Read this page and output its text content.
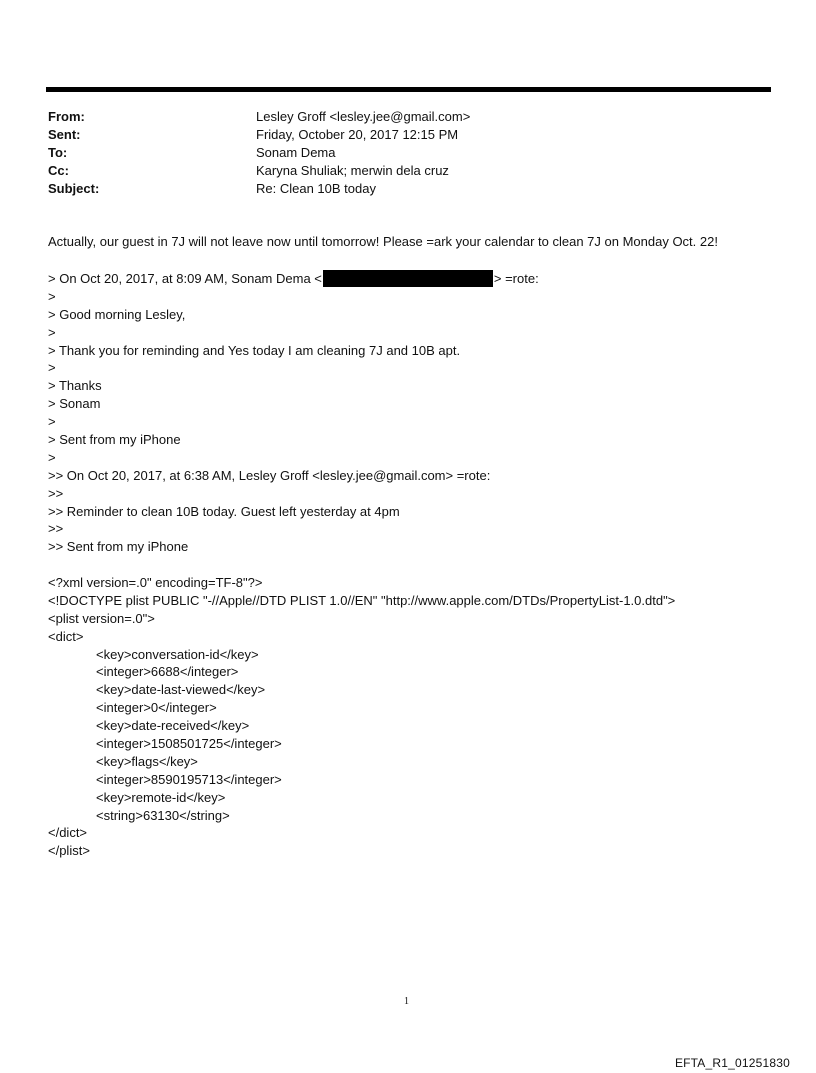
From:	Lesley Groff <lesley.jee@gmail.com>
Sent:	Friday, October 20, 2017 12:15 PM
To:	Sonam Dema
Cc:	Karyna Shuliak; merwin dela cruz
Subject:	Re: Clean 10B today
Actually, our guest in 7J will not leave now until tomorrow! Please =ark your calendar to clean 7J on Monday Oct. 22!
> On Oct 20, 2017, at 8:09 AM, Sonam Dema <	> =rote:
>
> Good morning Lesley,
>
> Thank you for reminding and Yes today I am cleaning 7J and 10B apt.
>
> Thanks
> Sonam
>
> Sent from my iPhone
>
>> On Oct 20, 2017, at 6:38 AM, Lesley Groff <lesley.jee@gmail.com> =rote:
>>
>> Reminder to clean 10B today. Guest left yesterday at 4pm
>>
>> Sent from my iPhone
<?xml version=.0" encoding=TF-8"?>
<!DOCTYPE plist PUBLIC "-//Apple//DTD PLIST 1.0//EN" "http://www.apple.com/DTDs/PropertyList-1.0.dtd">
<plist version=.0">
<dict>
<key>conversation-id</key>
<integer>6688</integer>
<key>date-last-viewed</key>
<integer>0</integer>
<key>date-received</key>
<integer>1508501725</integer>
<key>flags</key>
<integer>8590195713</integer>
<key>remote-id</key>
<string>63130</string>
</dict>
</plist>
1
EFTA_R1_01251830
